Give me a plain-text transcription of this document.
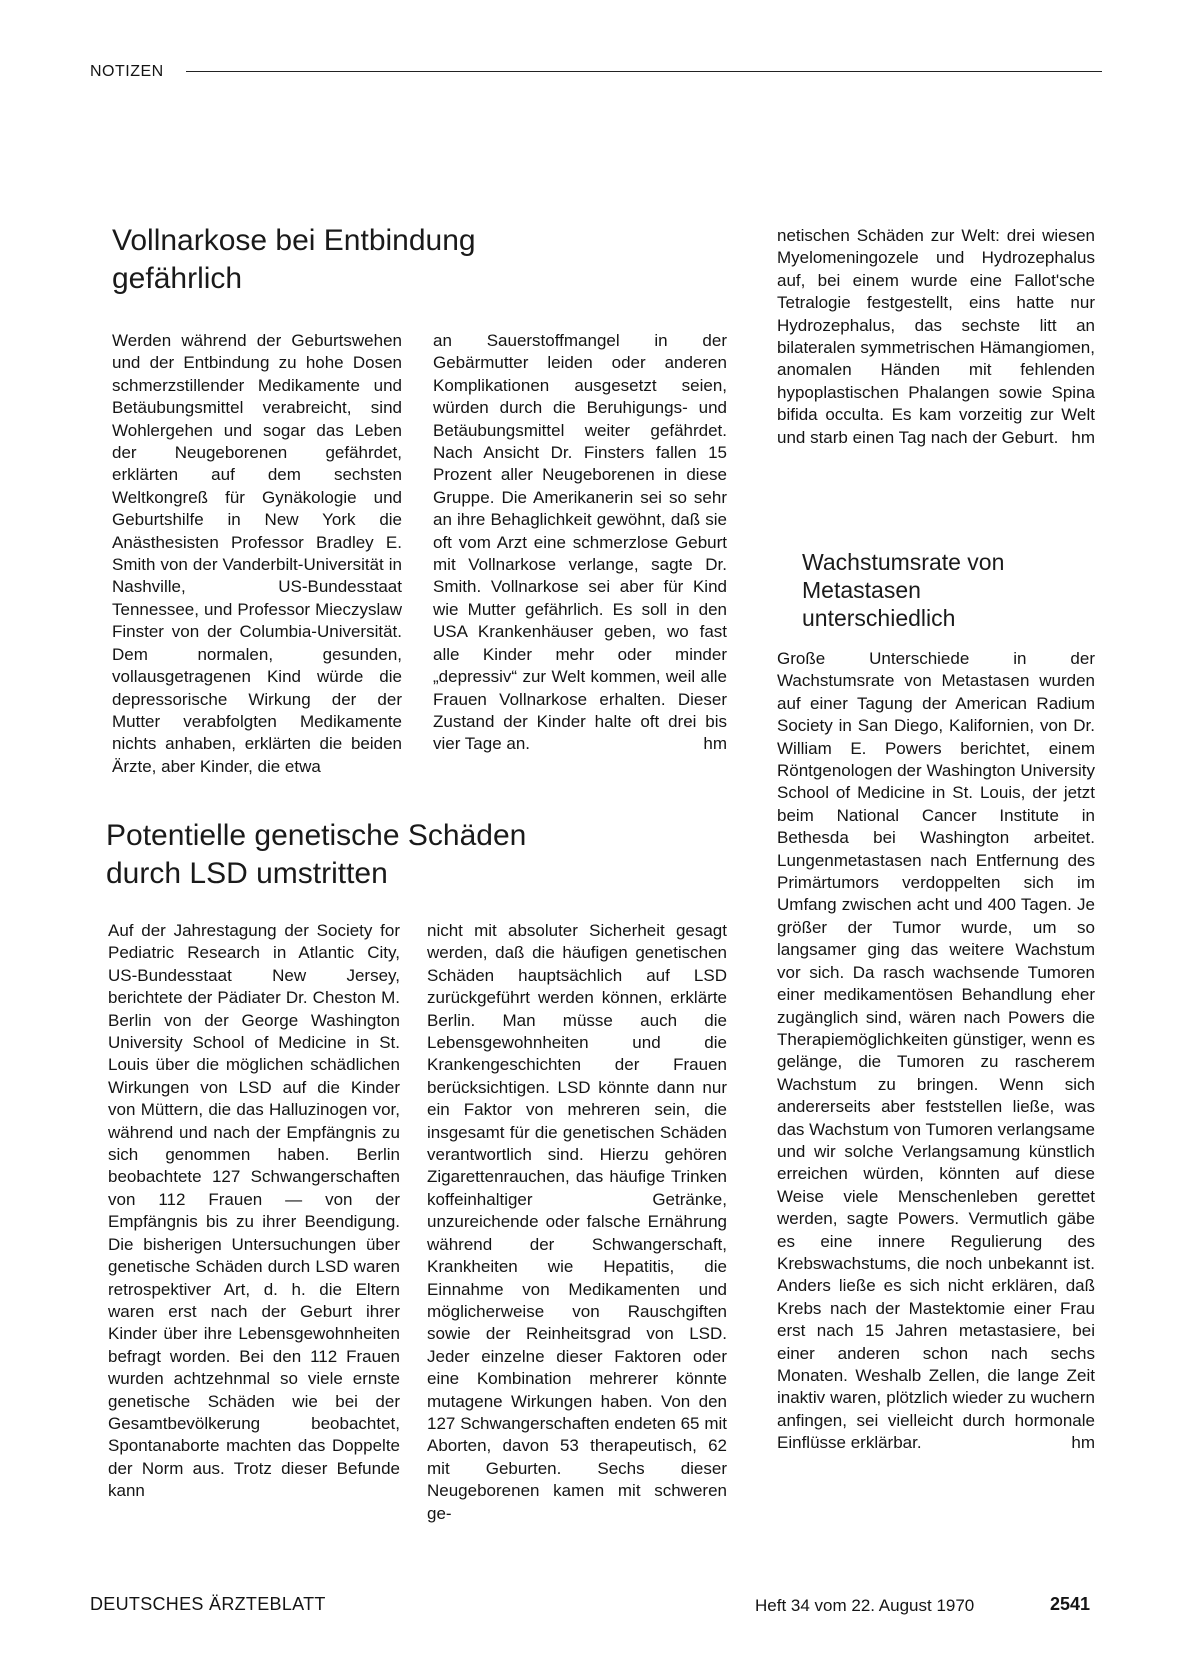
NOTIZEN
Vollnarkose bei Entbindung
gefährlich

Werden während der Geburtswehen und der Entbindung zu hohe Dosen schmerzstillender Medikamente und Betäubungsmittel verabreicht, sind Wohlergehen und sogar das Leben der Neugeborenen gefährdet, erklärten auf dem sechsten Weltkongreß für Gynäkologie und Geburtshilfe in New York die Anästhesisten Professor Bradley E. Smith von der Vanderbilt-Universität in Nashville, US-Bundesstaat Tennessee, und Professor Mieczyslaw Finster von der Columbia-Universität. Dem normalen, gesunden, vollausgetragenen Kind würde die depressorische Wirkung der der Mutter verabfolgten Medikamente nichts anhaben, erklärten die beiden Ärzte, aber Kinder, die etwa

an Sauerstoffmangel in der Gebärmutter leiden oder anderen Komplikationen ausgesetzt seien, würden durch die Beruhigungs- und Betäubungsmittel weiter gefährdet. Nach Ansicht Dr. Finsters fallen 15 Prozent aller Neugeborenen in diese Gruppe. Die Amerikanerin sei so sehr an ihre Behaglichkeit gewöhnt, daß sie oft vom Arzt eine schmerzlose Geburt mit Vollnarkose verlange, sagte Dr. Smith. Vollnarkose sei aber für Kind wie Mutter gefährlich. Es soll in den USA Krankenhäuser geben, wo fast alle Kinder mehr oder minder „depressiv“ zur Welt kommen, weil alle Frauen Vollnarkose erhalten. Dieser Zustand der Kinder halte oft drei bis vier Tage an.	hm

Potentielle genetische Schäden
durch LSD umstritten

Auf der Jahrestagung der Society for Pediatric Research in Atlantic City, US-Bundesstaat New Jersey, berichtete der Pädiater Dr. Cheston M. Berlin von der George Washington University School of Medicine in St. Louis über die möglichen schädlichen Wirkungen von LSD auf die Kinder von Müttern, die das Halluzinogen vor, während und nach der Empfängnis zu sich genommen haben. Berlin beobachtete 127 Schwangerschaften von 112 Frauen — von der Empfängnis bis zu ihrer Beendigung. Die bisherigen Untersuchungen über genetische Schäden durch LSD waren retrospektiver Art, d. h. die Eltern waren erst nach der Geburt ihrer Kinder über ihre Lebensgewohnheiten befragt worden. Bei den 112 Frauen wurden achtzehnmal so viele ernste genetische Schäden wie bei der Gesamtbevölkerung beobachtet, Spontanaborte machten das Doppelte der Norm aus. Trotz dieser Befunde kann

nicht mit absoluter Sicherheit gesagt werden, daß die häufigen genetischen Schäden hauptsächlich auf LSD zurückgeführt werden können, erklärte Berlin. Man müsse auch die Lebensgewohnheiten und die Krankengeschichten der Frauen berücksichtigen. LSD könnte dann nur ein Faktor von mehreren sein, die insgesamt für die genetischen Schäden verantwortlich sind. Hierzu gehören Zigarettenrauchen, das häufige Trinken koffeinhaltiger Getränke, unzureichende oder falsche Ernährung während der Schwangerschaft, Krankheiten wie Hepatitis, die Einnahme von Medikamenten und möglicherweise von Rauschgiften sowie der Reinheitsgrad von LSD. Jeder einzelne dieser Faktoren oder eine Kombination mehrerer könnte mutagene Wirkungen haben. Von den 127 Schwangerschaften endeten 65 mit Aborten, davon 53 therapeutisch, 62 mit Geburten. Sechs dieser Neugeborenen kamen mit schweren ge-

netischen Schäden zur Welt: drei wiesen Myelomeningozele und Hydrozephalus auf, bei einem wurde eine Fallot'sche Tetralogie festgestellt, eins hatte nur Hydrozephalus, das sechste litt an bilateralen symmetrischen Hämangiomen, anomalen Händen mit fehlenden hypoplastischen Phalangen sowie Spina bifida occulta. Es kam vorzeitig zur Welt und starb einen Tag nach der Geburt. hm

Wachstumsrate von
Metastasen
unterschiedlich

Große Unterschiede in der Wachstumsrate von Metastasen wurden auf einer Tagung der American Radium Society in San Diego, Kalifornien, von Dr. William E. Powers berichtet, einem Röntgenologen der Washington University School of Medicine in St. Louis, der jetzt beim National Cancer Institute in Bethesda bei Washington arbeitet. Lungenmetastasen nach Entfernung des Primärtumors verdoppelten sich im Umfang zwischen acht und 400 Tagen. Je größer der Tumor wurde, um so langsamer ging das weitere Wachstum vor sich. Da rasch wachsende Tumoren einer medikamentösen Behandlung eher zugänglich sind, wären nach Powers die Therapiemöglichkeiten günstiger, wenn es gelänge, die Tumoren zu rascherem Wachstum zu bringen. Wenn sich andererseits aber feststellen ließe, was das Wachstum von Tumoren verlangsame und wir solche Verlangsamung künstlich erreichen würden, könnten auf diese Weise viele Menschenleben gerettet werden, sagte Powers. Vermutlich gäbe es eine innere Regulierung des Krebswachstums, die noch unbekannt ist. Anders ließe es sich nicht erklären, daß Krebs nach der Mastektomie einer Frau erst nach 15 Jahren metastasiere, bei einer anderen schon nach sechs Monaten. Weshalb Zellen, die lange Zeit inaktiv waren, plötzlich wieder zu wuchern anfingen, sei vielleicht durch hormonale Einflüsse erklärbar.	hm

DEUTSCHES ÄRZTEBLATT	Heft 34 vom 22. August 1970	2541
